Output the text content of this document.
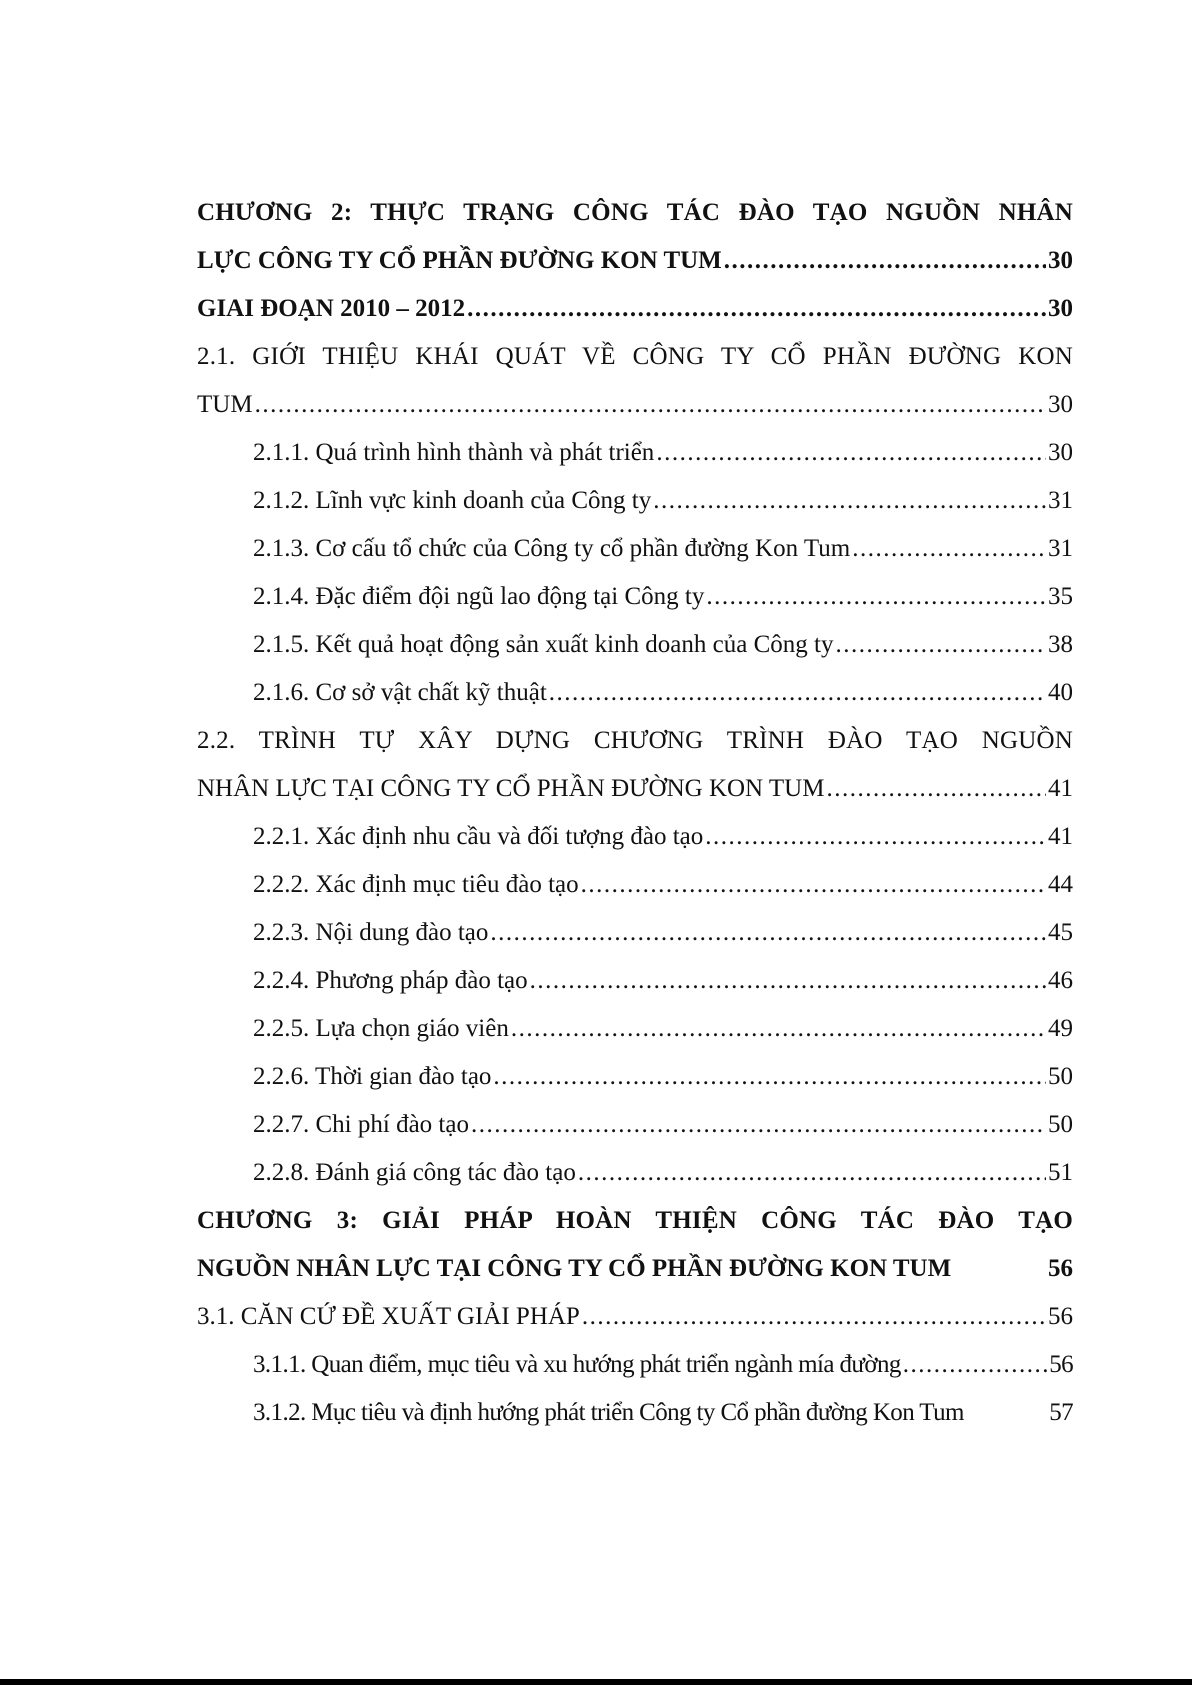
CHƯƠNG 2: THỰC TRẠNG CÔNG TÁC ĐÀO TẠO NGUỒN NHÂN
LỰC CÔNG TY CỔ PHẦN ĐƯỜNG KON TUM .....	30
GIAI ĐOẠN 2010 – 2012 .....	30
2.1. GIỚI THIỆU KHÁI QUÁT VỀ CÔNG TY CỔ PHẦN ĐƯỜNG KON
TUM .....	30
2.1.1. Quá trình hình thành và phát triển .....	30
2.1.2. Lĩnh vực kinh doanh của Công ty .....	31
2.1.3. Cơ cấu tổ chức của Công ty cổ phần đường Kon Tum .....	31
2.1.4. Đặc điểm đội ngũ lao động tại Công ty .....	35
2.1.5. Kết quả hoạt động sản xuất kinh doanh của Công ty .....	38
2.1.6. Cơ sở vật chất kỹ thuật .....	40
2.2. TRÌNH TỰ XÂY DỰNG CHƯƠNG TRÌNH ĐÀO TẠO NGUỒN
NHÂN LỰC TẠI CÔNG TY CỔ PHẦN ĐƯỜNG KON TUM .....	41
2.2.1. Xác định nhu cầu và đối tượng đào tạo .....	41
2.2.2. Xác định mục tiêu đào tạo .....	44
2.2.3. Nội dung đào tạo .....	45
2.2.4. Phương pháp đào tạo .....	46
2.2.5. Lựa chọn giáo viên .....	49
2.2.6. Thời gian đào tạo .....	50
2.2.7. Chi phí đào tạo .....	50
2.2.8. Đánh giá công tác đào tạo .....	51
CHƯƠNG 3: GIẢI PHÁP HOÀN THIỆN CÔNG TÁC ĐÀO TẠO
NGUỒN NHÂN LỰC TẠI CÔNG TY CỔ PHẦN ĐƯỜNG KON TUM	56
3.1. CĂN CỨ ĐỀ XUẤT GIẢI PHÁP .....	56
3.1.1. Quan điểm, mục tiêu và xu hướng phát triển ngành mía đường .....	56
3.1.2. Mục tiêu và định hướng phát triển Công ty Cổ phần đường Kon Tum	57
